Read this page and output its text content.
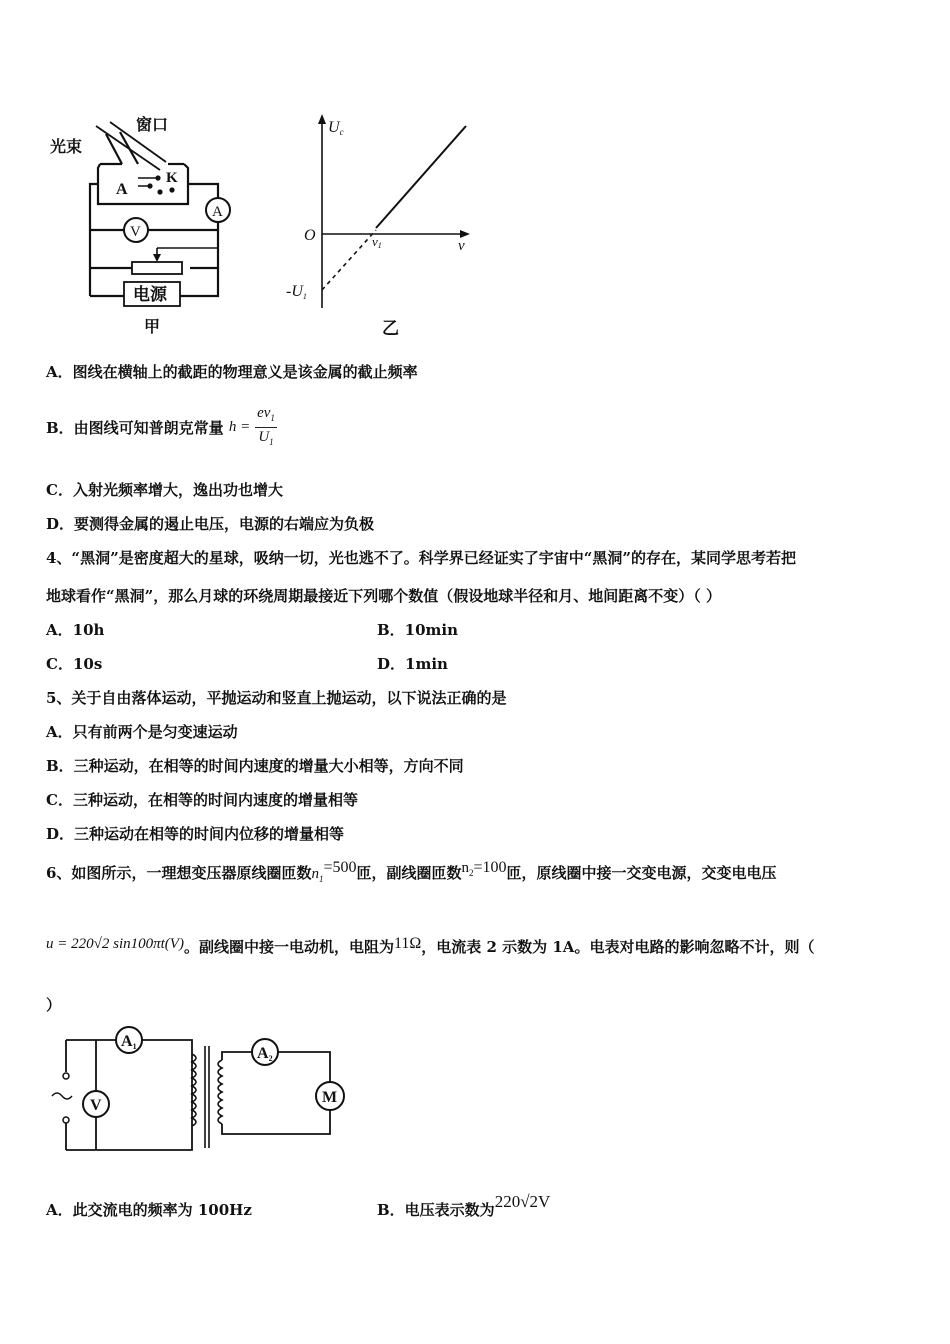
窗口
光束
A
K
A
V
电源
甲
Uc
ν
O	ν1
-U1
乙
A．图线在横轴上的截距的物理意义是该金属的截止频率
B．由图线可知普朗克常量 $h = \frac{e\nu_1}{U_1}$
C．入射光频率增大，逸出功也增大
D．要测得金属的遏止电压，电源的右端应为负极
4、“黑洞”是密度超大的星球，吸纳一切，光也逃不了。科学界已经证实了宇宙中“黑洞”的存在，某同学思考若把
地球看作“黑洞”，那么月球的环绕周期最接近下列哪个数值（假设地球半径和月、地间距离不变）（ ）
A．10h	B．10min
C．10s	D．1min
5、关于自由落体运动，平抛运动和竖直上抛运动，以下说法正确的是
A．只有前两个是匀变速运动
B．三种运动，在相等的时间内速度的增量大小相等，方向不同
C．三种运动，在相等的时间内速度的增量相等
D．三种运动在相等的时间内位移的增量相等
6、如图所示，一理想变压器原线圈匝数$n_1=500$匝，副线圈匝数$n_2=100$匝，原线圈中接一交变电源，交变电电压
u = 220√2 sin100πt(V)。副线圈中接一电动机，电阻为11Ω，电流表 2 示数为 1A。电表对电路的影响忽略不计，则（
）
A1
V
A2
M
A．此交流电的频率为 100Hz	B．电压表示数为220√2V
